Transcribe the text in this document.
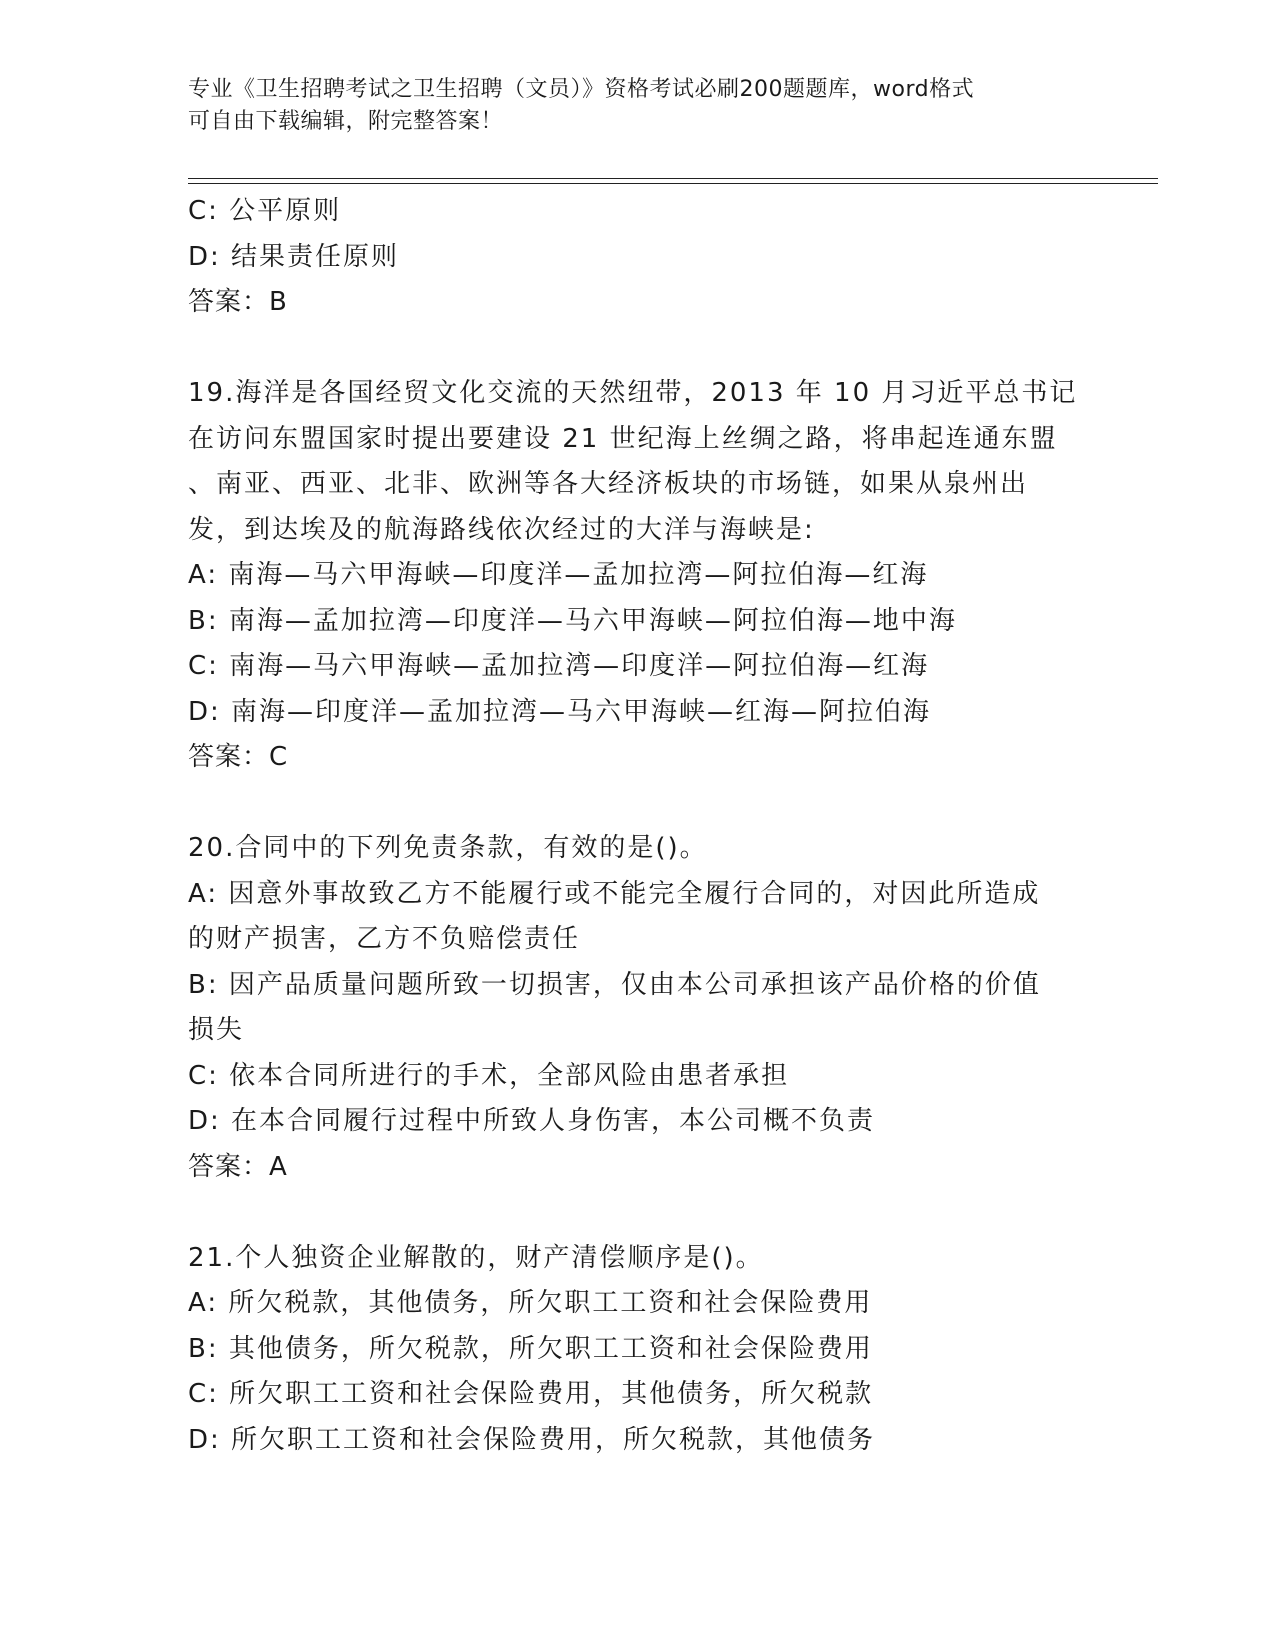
专业《卫生招聘考试之卫生招聘（文员）》资格考试必刷200题题库，word格式
可自由下载编辑，附完整答案！
C: 公平原则
D: 结果责任原则
答案：B
19.海洋是各国经贸文化交流的天然纽带，2013 年 10 月习近平总书记
在访问东盟国家时提出要建设 21 世纪海上丝绸之路，将串起连通东盟
、南亚、西亚、北非、欧洲等各大经济板块的市场链，如果从泉州出
发，到达埃及的航海路线依次经过的大洋与海峡是:
A: 南海—马六甲海峡—印度洋—孟加拉湾—阿拉伯海—红海
B: 南海—孟加拉湾—印度洋—马六甲海峡—阿拉伯海—地中海
C: 南海—马六甲海峡—孟加拉湾—印度洋—阿拉伯海—红海
D: 南海—印度洋—孟加拉湾—马六甲海峡—红海—阿拉伯海
答案：C
20.合同中的下列免责条款，有效的是()。
A: 因意外事故致乙方不能履行或不能完全履行合同的，对因此所造成
的财产损害，乙方不负赔偿责任
B: 因产品质量问题所致一切损害，仅由本公司承担该产品价格的价值
损失
C: 依本合同所进行的手术，全部风险由患者承担
D: 在本合同履行过程中所致人身伤害，本公司概不负责
答案：A
21.个人独资企业解散的，财产清偿顺序是()。
A: 所欠税款，其他债务，所欠职工工资和社会保险费用
B: 其他债务，所欠税款，所欠职工工资和社会保险费用
C: 所欠职工工资和社会保险费用，其他债务，所欠税款
D: 所欠职工工资和社会保险费用，所欠税款，其他债务
